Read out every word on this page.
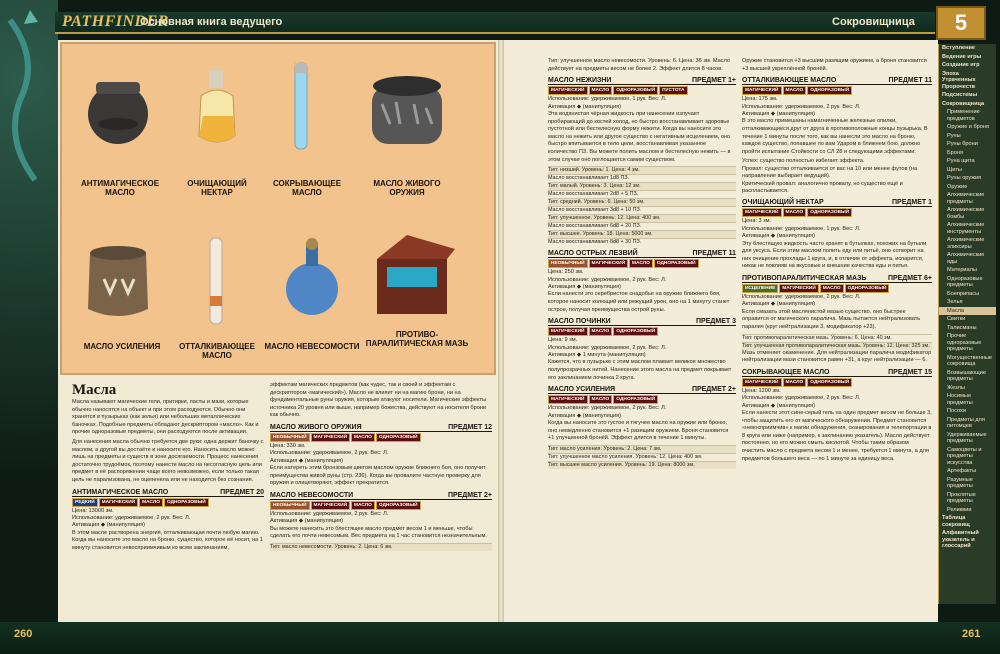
PATHFINDER
Основная книга ведущего	Сокровищница	5
АНТИМАГИЧЕСКОЕ МАСЛО
ОЧИЩАЮЩИЙ НЕКТАР
СОКРЫВАЮЩЕЕ МАСЛО
МАСЛО ЖИВОГО ОРУЖИЯ
МАСЛО УСИЛЕНИЯ	ОТТАЛКИВАЮЩЕЕ МАСЛО
МАСЛО НЕВЕСОМОСТИ
ПРОТИВО-ПАРАЛИТИЧЕСКАЯ МАЗЬ
Масла

Масла называют магические гели, притирки, пасты и мази, которые обычно наносятся на объект и при этом расходуются. Обычно они хранятся в пузырьках (как зелья) или небольших металлических баночках. Подобные предметы обладают дескриптором «масло». Как и прочие одноразовые предметы, они расходуются после активации.

Для нанесения масла обычно требуется две руки: одна держит баночку с маслом, а другой вы достаёте и наносите его. Наносить масло можно лишь на предметы и существ в зоне досягаемости. Процесс нанесения достаточно трудоёмок, поэтому нанести масло на несогласную цель или предмет в её распоряжении чаще всего невозможно, если только такая цель не парализована, не оцепенела или не находится без сознания.

АНТИМАГИЧЕСКОЕ МАСЛО	ПРЕДМЕТ 20
РЕДКИЙ	МАГИЧЕСКИЙ	МАСЛО	ОДНОРАЗОВЫЙ
Цена: 13000 зм.
Использование: удерживаемое, 2 рук. Вес: Л.
Активация ◆ (манипуляция)

В этом масле растворена энергия, отталкивающая почти любую магию. Когда вы наносите это масло на броню, существо, которое её носит, на 1 минуту становится невосприимчивым ко всем заклинаниям,

эффектам магических предметов (как чудес, так и своей и эффектам с дескриптором «магический»). Масло не влияет ни на магию брони, ни на фундаментальные руны оружия, которым атакуют носители. Магические эффекты источника 20 уровня или выше, например божества, действуют на носителя брони как обычно.

МАСЛО ЖИВОГО ОРУЖИЯ	ПРЕДМЕТ 12
НЕОБЫЧНЫЙ	МАГИЧЕСКИЙ	МАСЛО	ОДНОРАЗОВЫЙ
Цена: 330 зм.
Использование: удерживаемое, 2 рук. Вес: Л.
Активация ◆ (манипуляция)

Если натереть этим бронзовым цветом маслом оружие ближнего боя, оно получит преимущества живой руны (стр. 236). Когда вы провалите частную проверку для оружия и олицетворяют, эффект прекратится.

МАСЛО НЕВЕСОМОСТИ	ПРЕДМЕТ 2+
НЕОБЫЧНЫЙ	МАГИЧЕСКИЙ	МАСЛО	ОДНОРАЗОВЫЙ
Использование: удерживаемое, 2 рук. Вес: Л.
Активация ◆ (манипуляция)

Вы можете нанесить это блестящее масло предмет весом 1 и меньше, чтобы сделать его почти невесомым. Вес предмета на 1 час становится незначительным.

Тип: масло невесомости. Уровень: 2. Цена: 6 зм.

Тип: улучшенное масло невесомости. Уровень: 6. Цена: 36 зм. Масло действует на предметы весом не более 2. Эффект длится 8 часов.

МАСЛО НЕЖИЗНИ	ПРЕДМЕТ 1+
МАГИЧЕСКИЙ	МАСЛО	ОДНОРАЗОВЫЙ	ПУСТОТА
Использование: удерживаемое, 1 рук. Вес: Л.
Активация ◆ (манипуляция)

Эта водянистая чёрная жидкость при нанесении излучает пробирающий до костей холод, но быстро восстанавливает здоровье пустотной или бестелесную форму нежити. Когда вы наносите это масло на нежить или другое существо с негативным исцелением, оно быстро впитывается в тело цели, восстанавливая указанное количество ПЗ. Вы можете полить маслом и бестелесную нежить — в этом случае оно поглощается самим существом.

Тип: низший. Уровень: 1. Цена: 4 зм.
Масло восстанавливает 1d8 ПЗ.
Тип: малый. Уровень: 3. Цена: 12 зм.
Масло восстанавливает 2d8 + 5 ПЗ.
Тип: средний. Уровень: 6. Цена: 50 зм.
Масло восстанавливает 3d8 + 10 ПЗ.
Тип: улучшенное. Уровень: 12. Цена: 400 зм.
Масло восстанавливает 6d8 + 20 ПЗ.
Тип: высшее. Уровень: 18. Цена: 5000 зм.
Масло восстанавливает 8d8 + 30 ПЗ.
МАСЛО ОСТРЫХ ЛЕЗВИЙ	ПРЕДМЕТ 11
НЕОБЫЧНЫЙ	МАГИЧЕСКИЙ	МАСЛО	ОДНОРАЗОВЫЙ
Цена: 250 зм.
Использование: удерживаемое, 2 рук. Вес: Л.
Активация ◆ (манипуляция)

Если нанести это серебристое снадобье на оружие ближнего боя, которое наносит колющий или режущий урон, оно на 1 минуту станет острое, получая преимущества острой руны.

МАСЛО ПОЧИНКИ	ПРЕДМЕТ 3
МАГИЧЕСКИЙ	МАСЛО	ОДНОРАЗОВЫЙ
Цена: 9 зм.
Использование: удерживаемое, 2 рук. Вес: Л.
Активация ◆ 1 минута (манипуляция)

Кажется, что в пузырьке с этим маслом плавает великое множество полупрозрачных нитей. Нанесение этого масла на предмет покрывает его заклинанием починка 2 круга.

МАСЛО УСИЛЕНИЯ	ПРЕДМЕТ 2+
МАГИЧЕСКИЙ	МАСЛО	ОДНОРАЗОВЫЙ
Использование: удерживаемое, 2 рук. Вес: Л.
Активация ◆ (манипуляция)

Когда вы наносите это густое и тягучее масло на оружие или броню, оно немедленно становится +1 разящим оружием. Броня становится +1 улучшенной бронёй. Эффект длится в течение 1 минуты.

Тип: масло усиления. Уровень: 2. Цена: 7 зм.
Тип: улучшенное масло усиления. Уровень: 12. Цена: 400 зм.
Тип: высшее масло усиления. Уровень: 19. Цена: 8000 зм.

Оружие становится +3 высшим разящим оружием, а броня становится +3 высшей укреплённой бронёй.

ОТТАЛКИВАЮЩЕЕ МАСЛО	ПРЕДМЕТ 11
МАГИЧЕСКИЙ	МАСЛО	ОДНОРАЗОВЫЙ
Цена: 175 зм.
Использование: удерживаемое, 2 рук. Вес: Л.
Активация ◆ (манипуляция)

В это масло примешаны намагниченные железные опилки, отталкивающиеся друг от друга в противоположные концы пузырька. В течение 1 минуты после того, как вы нанесли это масло на броню, каждое существо, попавшее по вам Ударом в ближнем бою, должно пройти испытание Стойкости со СЛ 28 и следующими эффектами:

Успех: существо полностью избегает эффекта.
Провал: существо отталкивается от вас на 10 или менее футов (на направление выбирает ведущий).
Критический провал: аналогично провалу, но существо ещё и распластывается.
ОЧИЩАЮЩИЙ НЕКТАР	ПРЕДМЕТ 1
МАГИЧЕСКИЙ	МАСЛО	ОДНОРАЗОВЫЙ
Цена: 3 зм.
Использование: удерживаемое, 1 рук. Вес: Л.
Активация ◆ (манипуляция)

Эту блестящую жидкость часто хранят в бутылках, похожих на бутыли для уксуса. Если этим маслом полить еду или питьё, оно сотворит на них очищение прохлады 1 круга, и, в отличие от эффекта, испарится, никак не повлияв на вкусовые и внешние качества еды и питья.

ПРОТИВОПАРАЛИТИЧЕСКАЯ МАЗЬ	ПРЕДМЕТ 6+
ИСЦЕЛЕНИЕ	МАГИЧЕСКИЙ	МАСЛО	ОДНОРАЗОВЫЙ
Использование: удерживаемое, 2 рук. Вес: Л.
Активация ◆ (манипуляция)

Если смазать этой маслянистой мазью существо, оно быстрее оправится от магического паралича. Мазь пытается нейтрализовать паралич (круг нейтрализации 3, модификатор +23).

Тип: противопаралитическая мазь. Уровень: 6. Цена: 40 зм.
Тип: улучшенная противопаралитическая мазь. Уровень: 12. Цена: 325 зм.

Мазь отменяет окаменение. Для нейтрализации паралича модификатор нейтрализации мази становится равен +31, а круг нейтрализации — 6.

СОКРЫВАЮЩЕЕ МАСЛО	ПРЕДМЕТ 15
МАГИЧЕСКИЙ	МАСЛО	ОДНОРАЗОВЫЙ
Цена: 1200 зм.
Использование: удерживаемое, 2 рук. Вес: Л.
Активация ◆ (манипуляция)

Если нанести этот сине-серый гель на один предмет весом не больше 3, чтобы защитить его от магического обнаружения. Предмет становится «невосприимчив» к магии обнаружения, сканирования и телепортации в 8 круга или ниже (например, к заклинанию указатель). Масло действует постоянно, но его можно смыть кислотой. Чтобы таким образом очистить масло с предмета весом 1 и менее, требуется 1 минута, а для предметов большего веса — по 1 минуте за единицу веса.

Вступление
Ведение игры
Создание игр
Эпоха Утраченных Пророчеств
Подсистемы
Сокровищница
Применение предметов
Оружие и броня
Руны
Руны брони
Броня
Руна щита
Щиты
Руны оружия
Оружие
Алхимические предметы
Алхимические бомбы
Алхимические инструменты
Алхимические эликсиры
Алхимические яды
Материалы
Одноразовые предметы
Боеприпасы
Зелья
Масла
Свитки
Талисманы
Прочие одноразовые предметы
Могущественные сокровища
Возвышающие предметы
Жезлы
Носимые предметы
Посохи
Предметы для питомцев
Удерживаемые предметы
Самоцветы и предметы искусства
Артефакты
Разумные предметы
Проклятые предметы
Реликвии
Таблица сокровищ
Алфавитный указатель и глоссарий
260	261
